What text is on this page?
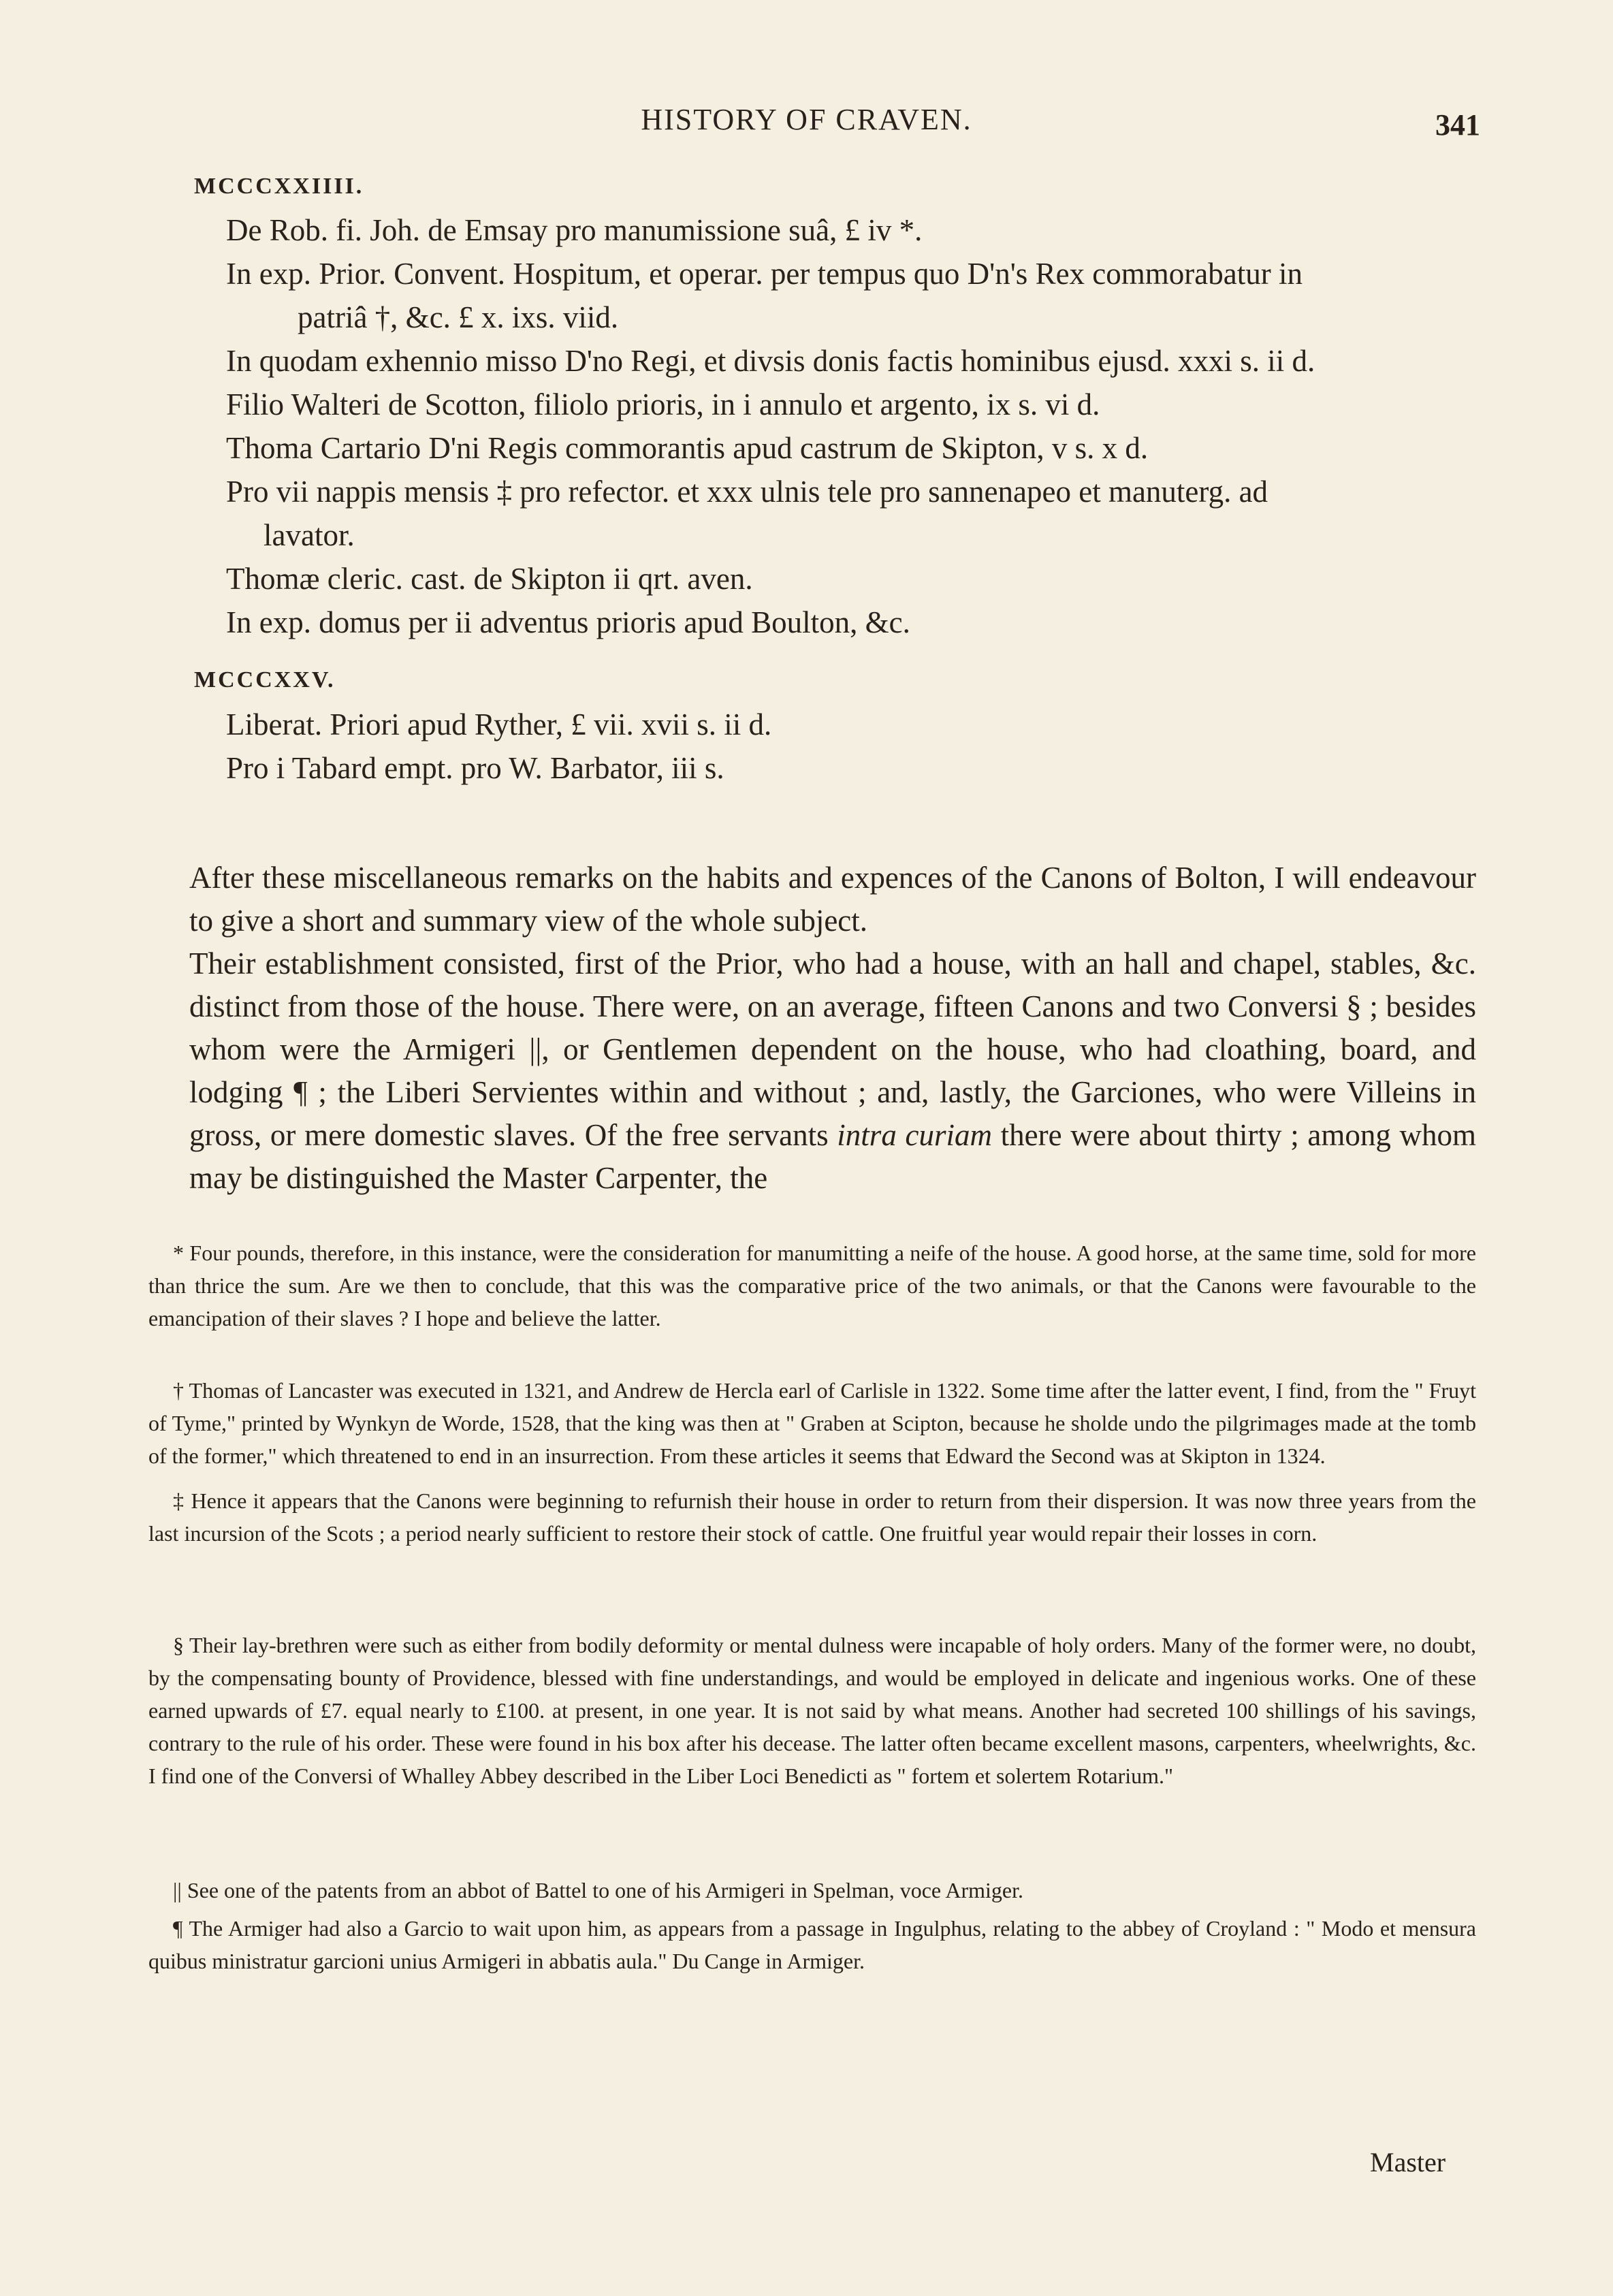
HISTORY OF CRAVEN.	341
MCCCXXIIII.
De Rob. fi. Joh. de Emsay pro manumissione suâ, £ iv *.
In exp. Prior. Convent. Hospitum, et operar. per tempus quo D'n's Rex commorabatur in
patriâ †, &c. £ x. ixs. viid.
In quodam exhennio misso D'no Regi, et divsis donis factis hominibus ejusd. xxxi s. ii d.
Filio Walteri de Scotton, filiolo prioris, in i annulo et argento, ix s. vi d.
Thoma Cartario D'ni Regis commorantis apud castrum de Skipton, v s. x d.
Pro vii nappis mensis ‡ pro refector. et xxx ulnis tele pro sannenapeo et manuterg. ad
lavator.
Thomæ cleric. cast. de Skipton ii qrt. aven.
In exp. domus per ii adventus prioris apud Boulton, &c.
MCCCXXV.
Liberat. Priori apud Ryther, £ vii. xvii s. ii d.
Pro i Tabard empt. pro W. Barbator, iii s.
After these miscellaneous remarks on the habits and expences of the Canons of Bolton, I will endeavour to give a short and summary view of the whole subject.
Their establishment consisted, first of the Prior, who had a house, with an hall and chapel, stables, &c. distinct from those of the house. There were, on an average, fifteen Canons and two Conversi § ; besides whom were the Armigeri ||, or Gentlemen dependent on the house, who had cloathing, board, and lodging ¶ ; the Liberi Servientes within and without ; and, lastly, the Garciones, who were Villeins in gross, or mere domestic slaves. Of the free servants intra curiam there were about thirty ; among whom may be distinguished the Master Carpenter, the
* Four pounds, therefore, in this instance, were the consideration for manumitting a neife of the house. A good horse, at the same time, sold for more than thrice the sum. Are we then to conclude, that this was the comparative price of the two animals, or that the Canons were favourable to the emancipation of their slaves ? I hope and believe the latter.
† Thomas of Lancaster was executed in 1321, and Andrew de Hercla earl of Carlisle in 1322. Some time after the latter event, I find, from the " Fruyt of Tyme," printed by Wynkyn de Worde, 1528, that the king was then at " Graben at Scipton, because he sholde undo the pilgrimages made at the tomb of the former," which threatened to end in an insurrection. From these articles it seems that Edward the Second was at Skipton in 1324.
‡ Hence it appears that the Canons were beginning to refurnish their house in order to return from their dispersion. It was now three years from the last incursion of the Scots ; a period nearly sufficient to restore their stock of cattle. One fruitful year would repair their losses in corn.
§ Their lay-brethren were such as either from bodily deformity or mental dulness were incapable of holy orders. Many of the former were, no doubt, by the compensating bounty of Providence, blessed with fine understandings, and would be employed in delicate and ingenious works. One of these earned upwards of £7. equal nearly to £100. at present, in one year. It is not said by what means. Another had secreted 100 shillings of his savings, contrary to the rule of his order. These were found in his box after his decease. The latter often became excellent masons, carpenters, wheelwrights, &c. I find one of the Conversi of Whalley Abbey described in the Liber Loci Benedicti as " fortem et solertem Rotarium."
|| See one of the patents from an abbot of Battel to one of his Armigeri in Spelman, voce Armiger.
¶ The Armiger had also a Garcio to wait upon him, as appears from a passage in Ingulphus, relating to the abbey of Croyland : " Modo et mensura quibus ministratur garcioni unius Armigeri in abbatis aula." Du Cange in Armiger.
Master
